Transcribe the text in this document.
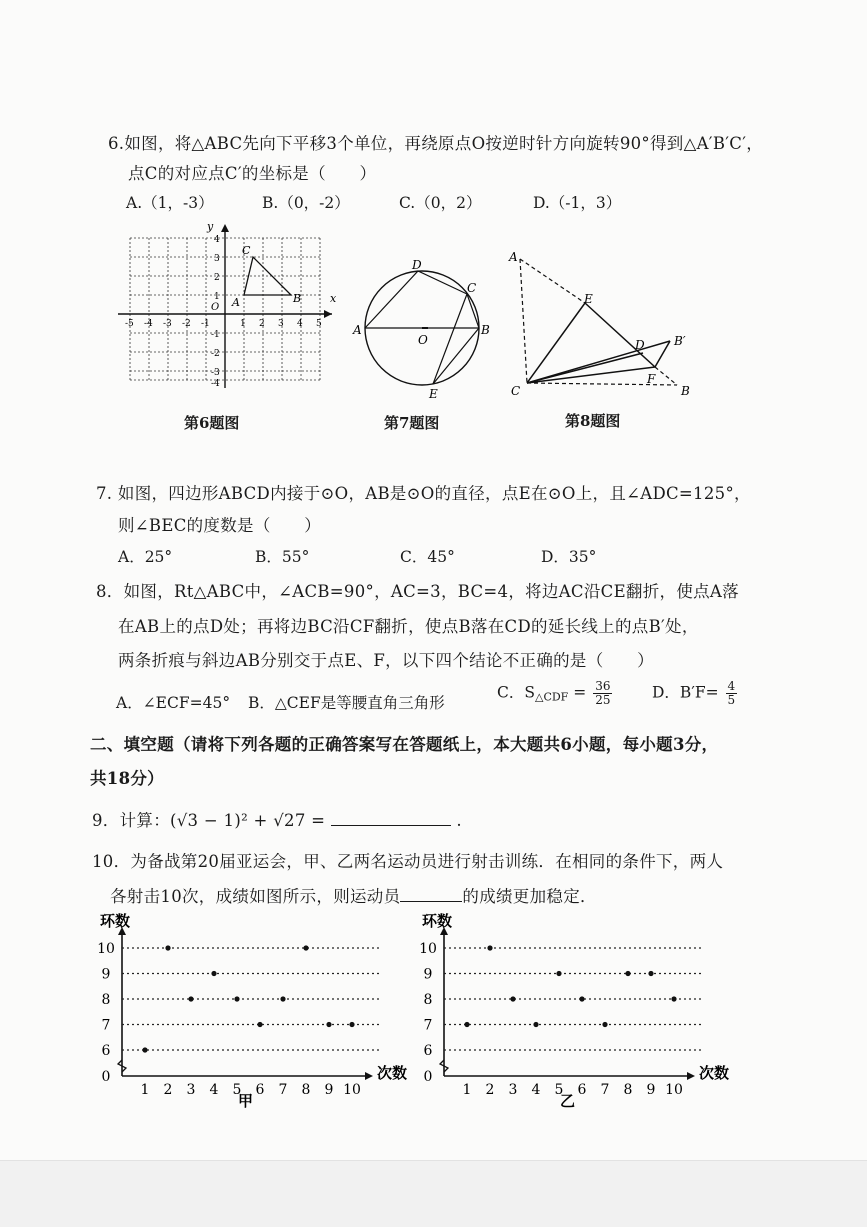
6.如图，将△ABC先向下平移3个单位，再绕原点O按逆时针方向旋转90°得到△A′B′C′，
点C的对应点C′的坐标是（　　）
A.（1，-3）	B.（0，-2）	C.（0，2）	D.（-1，3）
y
x
O
-5 -4 -3 -2 -1	1 2 3 4 5
4
3
2
1
-1
-2
-3
-4
A	B
C
第6题图
A	B
C
D
E
O
第7题图
A
B
C
D
E
F
B′
第8题图
7. 如图，四边形ABCD内接于⊙O，AB是⊙O的直径，点E在⊙O上，且∠ADC=125°，
则∠BEC的度数是（　　）
A．25°	B．55°	C．45°	D．35°
8．如图，Rt△ABC中，∠ACB=90°，AC=3，BC=4，将边AC沿CE翻折，使点A落
在AB上的点D处；再将边BC沿CF翻折，使点B落在CD的延长线上的点B′处，
两条折痕与斜边AB分别交于点E、F，以下四个结论不正确的是（　　）
A．∠ECF=45° B．△CEF是等腰直角三角形
C．S△CDF = $\frac{36}{25}$	D．$B'F= \frac{4}{5}$
二、填空题（请将下列各题的正确答案写在答题纸上，本大题共6小题，每小题3分，
共18分）
9．计算：(√3 − 1)² + √27 =	.
10．为备战第20届亚运会，甲、乙两名运动员进行射击训练．在相同的条件下，两人
各射击10次，成绩如图所示，则运动员	的成绩更加稳定．
环数
次数
甲
0
6
7
8
9
10
1 2 3 4 5 6 7 8 9 10
环数
次数
乙
0
6
7
8
9
10
1 2 3 4 5 6 7 8 9 10
